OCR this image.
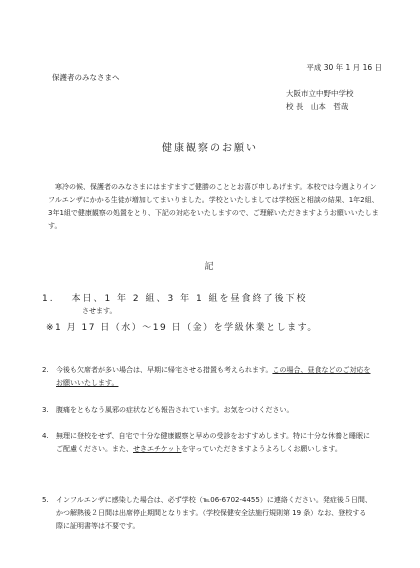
平成 30 年 1 月 16 日
保護者のみなさまへ
大阪市立中野中学校
校 長　山本　哲哉
健康観察のお願い

寒冷の候、保護者のみなさまにはますますご健勝のこととお喜び申しあげます。本校では今週よりインフルエンザにかかる生徒が増加してまいりました。学校といたしましては学校医と相談の結果、1年2組、3年1組で健康観察の処置をとり、下記の対応をいたしますので、ご理解いただきますようお願いいたします。

記
1. 本日、1 年 2 組、3 年 1 組を昼食終了後下校
させます。
※1 月 17 日（水）～19 日（金）を学級休業とします。
2. 今後も欠席者が多い場合は、早期に帰宅させる措置も考えられます。この場合、昼食などのご対応をお願いいたします。
3. 腹痛をともなう風邪の症状なども報告されています。お気をつけください。
4. 無理に登校をせず、自宅で十分な健康観察と早めの受診をおすすめします。特に十分な休養と睡眠にご配慮ください。また、せきエチケットを守っていただきますようよろしくお願いします。
5. インフルエンザに感染した場合は、必ず学校（℡06-6702-4455）に連絡ください。発症後５日間、かつ解熱後２日間は出席停止期間となります。（学校保健安全法施行規則第 19 条）なお、登校する際に証明書等は不要です。
